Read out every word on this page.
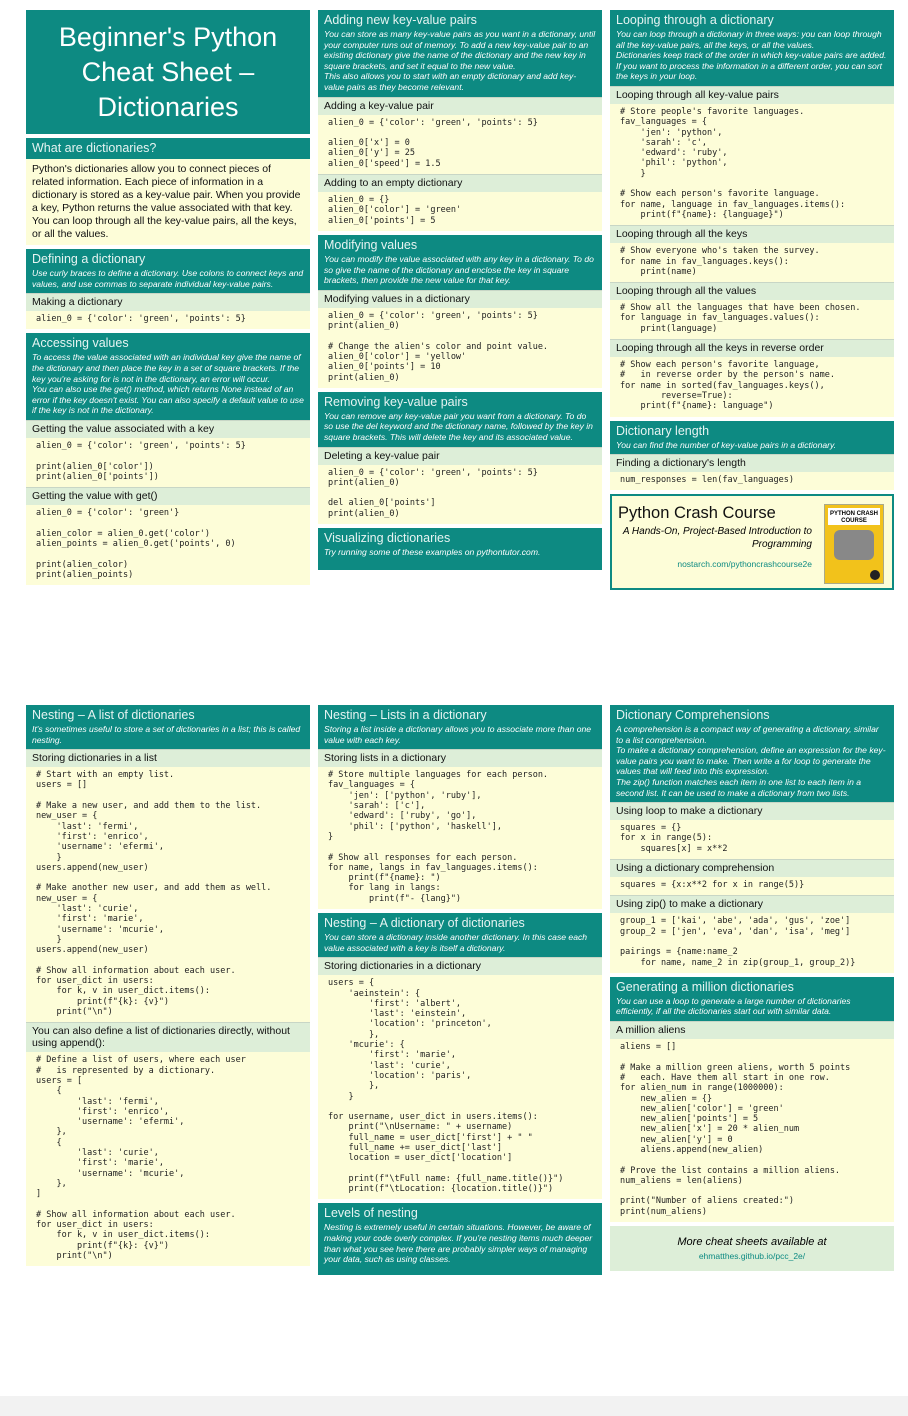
Beginner's Python Cheat Sheet – Dictionaries
What are dictionaries?
Python's dictionaries allow you to connect pieces of related information. Each piece of information in a dictionary is stored as a key-value pair. When you provide a key, Python returns the value associated with that key. You can loop through all the key-value pairs, all the keys, or all the values.
Defining a dictionary
Use curly braces to define a dictionary. Use colons to connect keys and values, and use commas to separate individual key-value pairs.
Making a dictionary
alien_0 = {'color': 'green', 'points': 5}
Accessing values
To access the value associated with an individual key give the name of the dictionary and then place the key in a set of square brackets. If the key you're asking for is not in the dictionary, an error will occur.
You can also use the get() method, which returns None instead of an error if the key doesn't exist. You can also specify a default value to use if the key is not in the dictionary.
Getting the value associated with a key
alien_0 = {'color': 'green', 'points': 5}

print(alien_0['color'])
print(alien_0['points'])
Getting the value with get()
alien_0 = {'color': 'green'}

alien_color = alien_0.get('color')
alien_points = alien_0.get('points', 0)

print(alien_color)
print(alien_points)
Adding new key-value pairs
You can store as many key-value pairs as you want in a dictionary, until your computer runs out of memory. To add a new key-value pair to an existing dictionary give the name of the dictionary and the new key in square brackets, and set it equal to the new value.
This also allows you to start with an empty dictionary and add key-value pairs as they become relevant.
Adding a key-value pair
alien_0 = {'color': 'green', 'points': 5}

alien_0['x'] = 0
alien_0['y'] = 25
alien_0['speed'] = 1.5
Adding to an empty dictionary
alien_0 = {}
alien_0['color'] = 'green'
alien_0['points'] = 5
Modifying values
You can modify the value associated with any key in a dictionary. To do so give the name of the dictionary and enclose the key in square brackets, then provide the new value for that key.
Modifying values in a dictionary
alien_0 = {'color': 'green', 'points': 5}
print(alien_0)

# Change the alien's color and point value.
alien_0['color'] = 'yellow'
alien_0['points'] = 10
print(alien_0)
Removing key-value pairs
You can remove any key-value pair you want from a dictionary. To do so use the del keyword and the dictionary name, followed by the key in square brackets. This will delete the key and its associated value.
Deleting a key-value pair
alien_0 = {'color': 'green', 'points': 5}
print(alien_0)

del alien_0['points']
print(alien_0)
Visualizing dictionaries
Try running some of these examples on pythontutor.com.
Looping through a dictionary
You can loop through a dictionary in three ways: you can loop through all the key-value pairs, all the keys, or all the values.
Dictionaries keep track of the order in which key-value pairs are added. If you want to process the information in a different order, you can sort the keys in your loop.
Looping through all key-value pairs
# Store people's favorite languages.
fav_languages = {
'jen': 'python',
'sarah': 'c',
'edward': 'ruby',
'phil': 'python',
}

# Show each person's favorite language.
for name, language in fav_languages.items():
print(f"{name}: {language}")
Looping through all the keys
# Show everyone who's taken the survey.
for name in fav_languages.keys():
print(name)
Looping through all the values
# Show all the languages that have been chosen.
for language in fav_languages.values():
print(language)
Looping through all the keys in reverse order
# Show each person's favorite language,
#   in reverse order by the person's name.
for name in sorted(fav_languages.keys(),
reverse=True):
print(f"{name}: language")
Dictionary length
You can find the number of key-value pairs in a dictionary.
Finding a dictionary's length
num_responses = len(fav_languages)
Python Crash Course
A Hands-On, Project-Based Introduction to Programming
nostarch.com/pythoncrashcourse2e
PYTHON CRASH COURSE
Nesting – A list of dictionaries
It's sometimes useful to store a set of dictionaries in a list; this is called nesting.
Storing dictionaries in a list
# Start with an empty list.
users = []

# Make a new user, and add them to the list.
new_user = {
'last': 'fermi',
'first': 'enrico',
'username': 'efermi',
}
users.append(new_user)

# Make another new user, and add them as well.
new_user = {
'last': 'curie',
'first': 'marie',
'username': 'mcurie',
}
users.append(new_user)

# Show all information about each user.
for user_dict in users:
for k, v in user_dict.items():
print(f"{k}: {v}")
print("\n")
You can also define a list of dictionaries directly, without using append():
# Define a list of users, where each user
#   is represented by a dictionary.
users = [
{
'last': 'fermi',
'first': 'enrico',
'username': 'efermi',
},
{
'last': 'curie',
'first': 'marie',
'username': 'mcurie',
},
]

# Show all information about each user.
for user_dict in users:
for k, v in user_dict.items():
print(f"{k}: {v}")
print("\n")
Nesting – Lists in a dictionary
Storing a list inside a dictionary allows you to associate more than one value with each key.
Storing lists in a dictionary
# Store multiple languages for each person.
fav_languages = {
'jen': ['python', 'ruby'],
'sarah': ['c'],
'edward': ['ruby', 'go'],
'phil': ['python', 'haskell'],
}

# Show all responses for each person.
for name, langs in fav_languages.items():
print(f"{name}: ")
for lang in langs:
print(f"- {lang}")
Nesting – A dictionary of dictionaries
You can store a dictionary inside another dictionary. In this case each value associated with a key is itself a dictionary.
Storing dictionaries in a dictionary
users = {
'aeinstein': {
'first': 'albert',
'last': 'einstein',
'location': 'princeton',
},
'mcurie': {
'first': 'marie',
'last': 'curie',
'location': 'paris',
},
}

for username, user_dict in users.items():
print("\nUsername: " + username)
full_name = user_dict['first'] + " "
full_name += user_dict['last']
location = user_dict['location']

print(f"\tFull name: {full_name.title()}")
print(f"\tLocation: {location.title()}")
Levels of nesting
Nesting is extremely useful in certain situations. However, be aware of making your code overly complex. If you're nesting items much deeper than what you see here there are probably simpler ways of managing your data, such as using classes.
Dictionary Comprehensions
A comprehension is a compact way of generating a dictionary, similar to a list comprehension.
To make a dictionary comprehension, define an expression for the key-value pairs you want to make. Then write a for loop to generate the values that will feed into this expression.
The zip() function matches each item in one list to each item in a second list. It can be used to make a dictionary from two lists.
Using loop to make a dictionary
squares = {}
for x in range(5):
squares[x] = x**2
Using a dictionary comprehension
squares = {x:x**2 for x in range(5)}
Using zip() to make a dictionary
group_1 = ['kai', 'abe', 'ada', 'gus', 'zoe']
group_2 = ['jen', 'eva', 'dan', 'isa', 'meg']

pairings = {name:name_2
for name, name_2 in zip(group_1, group_2)}
Generating a million dictionaries
You can use a loop to generate a large number of dictionaries efficiently, if all the dictionaries start out with similar data.
A million aliens
aliens = []

# Make a million green aliens, worth 5 points
#   each. Have them all start in one row.
for alien_num in range(1000000):
new_alien = {}
new_alien['color'] = 'green'
new_alien['points'] = 5
new_alien['x'] = 20 * alien_num
new_alien['y'] = 0
aliens.append(new_alien)

# Prove the list contains a million aliens.
num_aliens = len(aliens)

print("Number of aliens created:")
print(num_aliens)
More cheat sheets available at
ehmatthes.github.io/pcc_2e/
